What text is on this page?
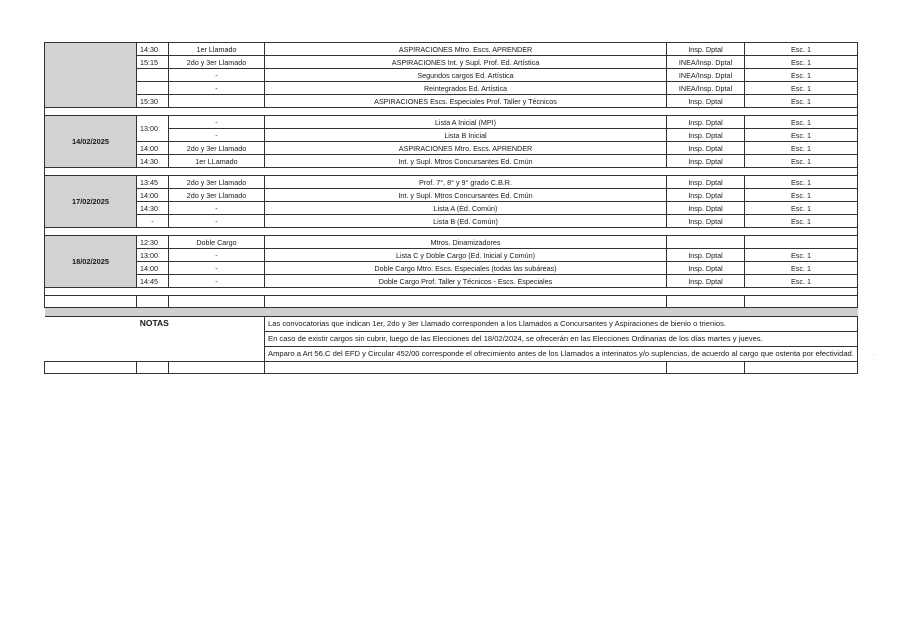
	14:30	1er Llamado	ASPIRACIONES Mtro. Escs. APRENDER	Insp. Dptal	Esc. 1
	15:15	2do y 3er Llamado	ASPIRACIONES Int. y Supl. Prof. Ed. Artística	INEA/Insp. Dptal	Esc. 1
		-	Segundos cargos Ed. Artística	INEA/Insp. Dptal	Esc. 1
		-	Reintegrados Ed. Artística	INEA/Insp. Dptal	Esc. 1
	15:30		ASPIRACIONES Escs. Especiales Prof. Taller y Técnicos	Insp. Dptal	Esc. 1

14/02/2025	13:00	-	Lista A Inicial (MPI)	Insp. Dptal	Esc. 1
		-	Lista B Inicial	Insp. Dptal	Esc. 1
	14:00	2do y 3er Llamado	ASPIRACIONES Mtro. Escs. APRENDER	Insp. Dptal	Esc. 1
	14:30	1er LLamado	Int. y Supl. Mtros Concursantes Ed. Cmún	Insp. Dptal	Esc. 1

17/02/2025	13:45	2do y 3er Llamado	Prof. 7°, 8° y 9° grado C.B.R.	Insp. Dptal	Esc. 1
	14:00	2do y 3er Llamado	Int. y Supl. Mtros Concursantes Ed. Cmún	Insp. Dptal	Esc. 1
	14:30	-	Lista A (Ed. Común)	Insp. Dptal	Esc. 1
	-	-	Lista B (Ed. Común)	Insp. Dptal	Esc. 1

18/02/2025	12:30	Doble Cargo	Mtros. Dinamizadores		
	13:00	-	Lista C y Doble Cargo (Ed. Inicial y Común)	Insp. Dptal	Esc. 1
	14:00	-	Doble Cargo Mtro. Escs. Especiales (todas las subáreas)	Insp. Dptal	Esc. 1
	14:45	-	Doble Cargo Prof. Taller y Técnicos - Escs. Especiales	Insp. Dptal	Esc. 1

NOTAS			Las convocatorias que indican 1er, 2do y 3er Llamado corresponden a los Llamados a Concursantes y Aspiraciones de bienio o trienios.		
			En caso de existir cargos sin cubrir, luego de las Elecciones del 18/02/2024, se ofrecerán en las Elecciones Ordinarias de los días martes y jueves.		
			Amparo a Art 56.C del EFD y Circular 452/00 corresponde el ofrecimiento antes de los Llamados a interinatos y/o suplencias, de acuerdo al cargo que ostenta por efectividad.		
						·
